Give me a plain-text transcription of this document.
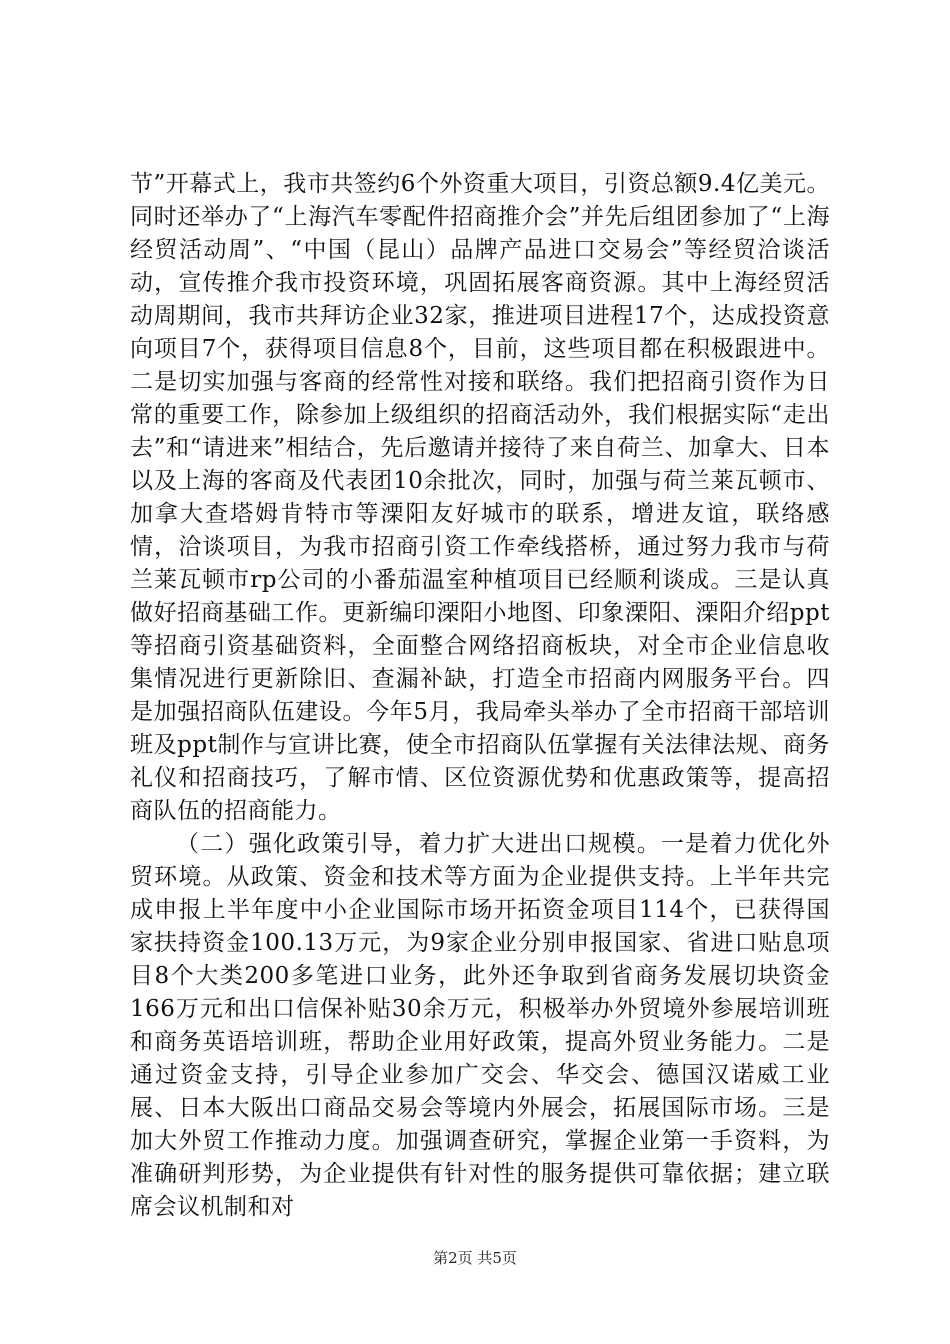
节”开幕式上，我市共签约6个外资重大项目，引资总额9.4亿美元。同时还举办了“上海汽车零配件招商推介会”并先后组团参加了“上海经贸活动周”、“中国（昆山）品牌产品进口交易会”等经贸洽谈活动，宣传推介我市投资环境，巩固拓展客商资源。其中上海经贸活动周期间，我市共拜访企业32家，推进项目进程17个，达成投资意向项目7个，获得项目信息8个，目前，这些项目都在积极跟进中。二是切实加强与客商的经常性对接和联络。我们把招商引资作为日常的重要工作，除参加上级组织的招商活动外，我们根据实际“走出去”和“请进来”相结合，先后邀请并接待了来自荷兰、加拿大、日本以及上海的客商及代表团10余批次，同时，加强与荷兰莱瓦顿市、加拿大查塔姆肯特市等溧阳友好城市的联系，增进友谊，联络感情，洽谈项目，为我市招商引资工作牵线搭桥，通过努力我市与荷兰莱瓦顿市rp公司的小番茄温室种植项目已经顺利谈成。三是认真做好招商基础工作。更新编印溧阳小地图、印象溧阳、溧阳介绍ppt等招商引资基础资料，全面整合网络招商板块，对全市企业信息收集情况进行更新除旧、查漏补缺，打造全市招商内网服务平台。四是加强招商队伍建设。今年5月，我局牵头举办了全市招商干部培训班及ppt制作与宣讲比赛，使全市招商队伍掌握有关法律法规、商务礼仪和招商技巧，了解市情、区位资源优势和优惠政策等，提高招商队伍的招商能力。

（二）强化政策引导，着力扩大进出口规模。一是着力优化外贸环境。从政策、资金和技术等方面为企业提供支持。上半年共完成申报上半年度中小企业国际市场开拓资金项目114个，已获得国家扶持资金100.13万元，为9家企业分别申报国家、省进口贴息项目8个大类200多笔进口业务，此外还争取到省商务发展切块资金166万元和出口信保补贴30余万元，积极举办外贸境外参展培训班和商务英语培训班，帮助企业用好政策，提高外贸业务能力。二是通过资金支持，引导企业参加广交会、华交会、德国汉诺威工业展、日本大阪出口商品交易会等境内外展会，拓展国际市场。三是加大外贸工作推动力度。加强调查研究，掌握企业第一手资料，为准确研判形势，为企业提供有针对性的服务提供可靠依据；建立联席会议机制和对

第2页 共5页
